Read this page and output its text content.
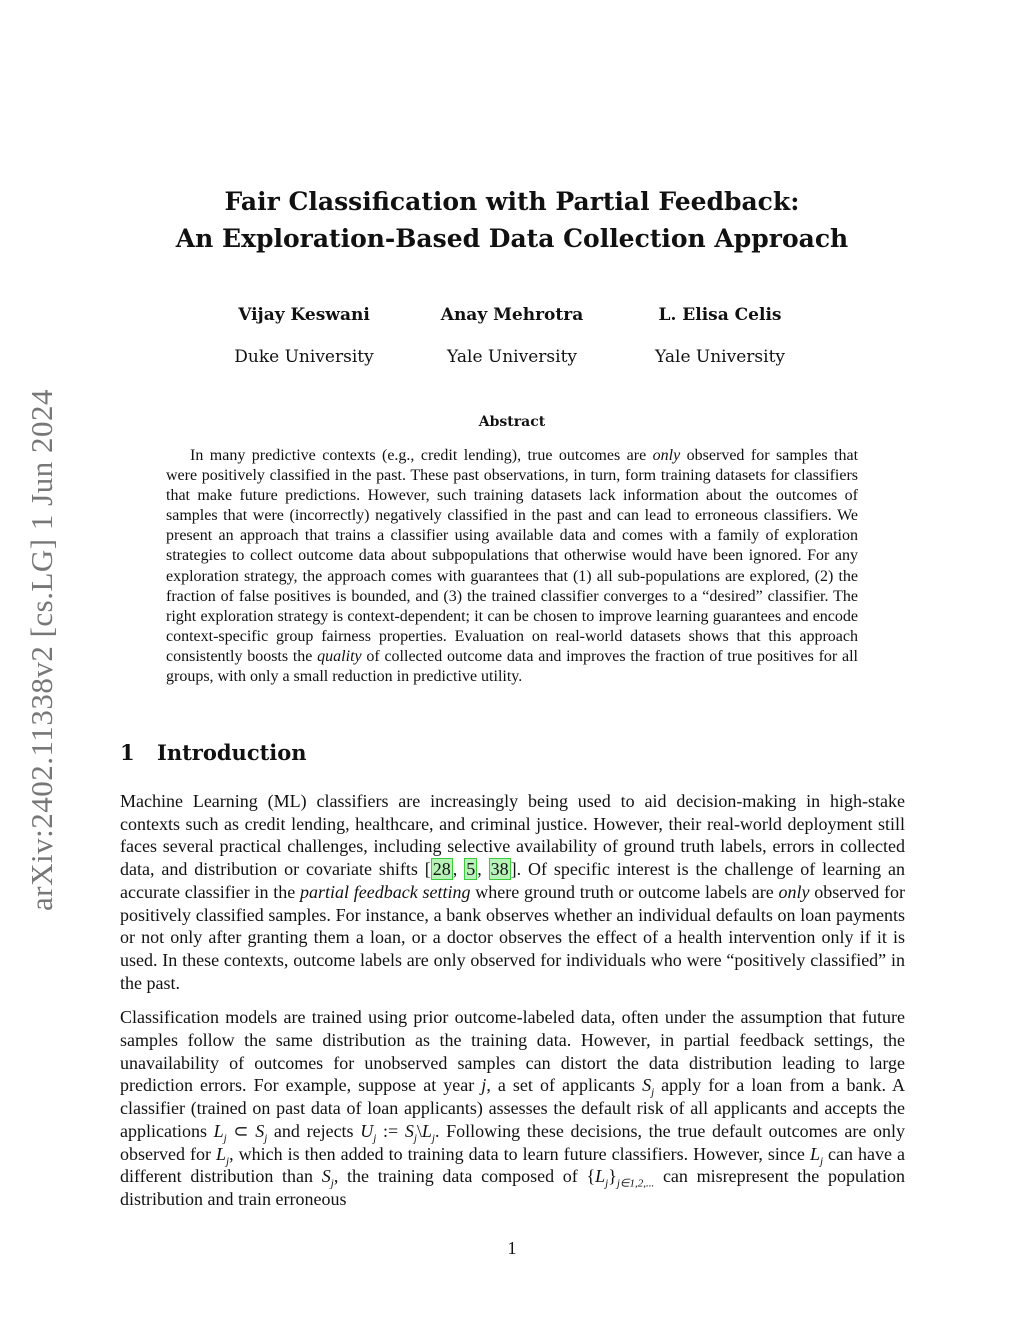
arXiv:2402.11338v2 [cs.LG] 1 Jun 2024
Fair Classification with Partial Feedback:
An Exploration-Based Data Collection Approach
Vijay Keswani
Duke University
Anay Mehrotra
Yale University
L. Elisa Celis
Yale University
Abstract

In many predictive contexts (e.g., credit lending), true outcomes are only observed for samples that were positively classified in the past. These past observations, in turn, form training datasets for classifiers that make future predictions. However, such training datasets lack information about the outcomes of samples that were (incorrectly) negatively classified in the past and can lead to erroneous classifiers. We present an approach that trains a classifier using available data and comes with a family of exploration strategies to collect outcome data about subpopulations that otherwise would have been ignored. For any exploration strategy, the approach comes with guarantees that (1) all sub-populations are explored, (2) the fraction of false positives is bounded, and (3) the trained classifier converges to a “desired” classifier. The right exploration strategy is context-dependent; it can be chosen to improve learning guarantees and encode context-specific group fairness properties. Evaluation on real-world datasets shows that this approach consistently boosts the quality of collected outcome data and improves the fraction of true positives for all groups, with only a small reduction in predictive utility.

1 Introduction

Machine Learning (ML) classifiers are increasingly being used to aid decision-making in high-stake contexts such as credit lending, healthcare, and criminal justice. However, their real-world deployment still faces several practical challenges, including selective availability of ground truth labels, errors in collected data, and distribution or covariate shifts [ 28 , 5 , 38 ]. Of specific interest is the challenge of learning an accurate classifier in the partial feedback setting where ground truth or outcome labels are only observed for positively classified samples. For instance, a bank observes whether an individual defaults on loan payments or not only after granting them a loan, or a doctor observes the effect of a health intervention only if it is used. In these contexts, outcome labels are only observed for individuals who were “positively classified” in the past.

Classification models are trained using prior outcome-labeled data, often under the assumption that future samples follow the same distribution as the training data. However, in partial feedback settings, the unavailability of outcomes for unobserved samples can distort the data distribution leading to large prediction errors. For example, suppose at year j, a set of applicants $S_j$ apply for a loan from a bank. A classifier (trained on past data of loan applicants) assesses the default risk of all applicants and accepts the applications $L_j$ ⊂ $S_j$ and rejects $U_j$ := $S_j\backslash L_j$. Following these decisions, the true default outcomes are only observed for $L_j$, which is then added to training data to learn future classifiers. However, since $L_j$ can have a different distribution than $S_j$, the training data composed of $\{L_j\}_{j\in 1,2,...}$ can misrepresent the population distribution and train erroneous

1
